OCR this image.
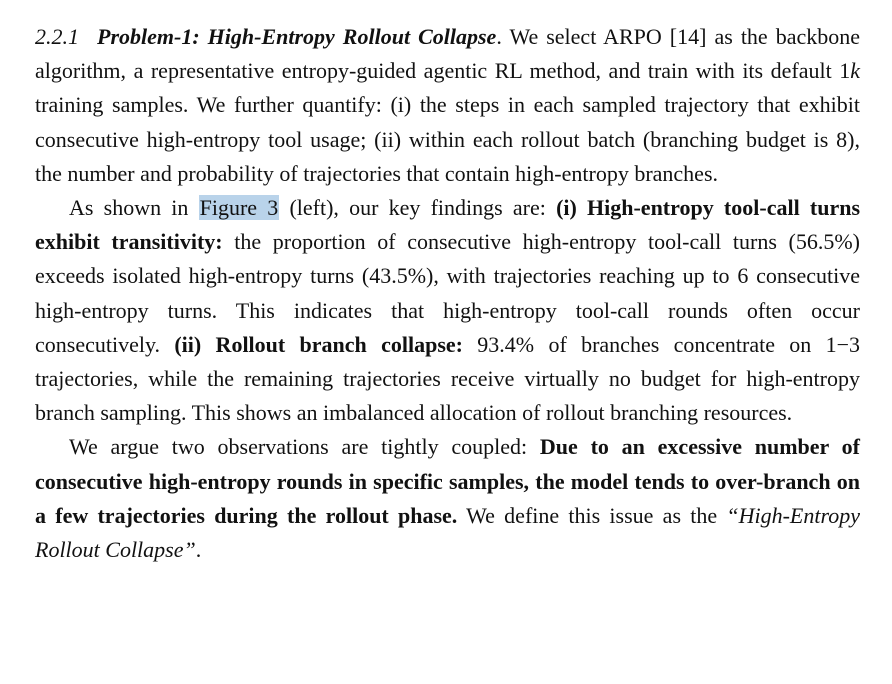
2.2.1 Problem-1: High-Entropy Rollout Collapse. We select ARPO [14] as the backbone algorithm, a representative entropy-guided agentic RL method, and train with its default 1k training samples. We further quantify: (i) the steps in each sampled trajectory that exhibit consecutive high-entropy tool usage; (ii) within each rollout batch (branching budget is 8), the number and probability of trajectories that contain high-entropy branches.

As shown in Figure 3 (left), our key findings are: (i) High-entropy tool-call turns exhibit transitivity: the proportion of consecutive high-entropy tool-call turns (56.5%) exceeds isolated high-entropy turns (43.5%), with trajectories reaching up to 6 consecutive high-entropy turns. This indicates that high-entropy tool-call rounds often occur consecutively. (ii) Rollout branch collapse: 93.4% of branches concentrate on 1−3 trajectories, while the remaining trajectories receive virtually no budget for high-entropy branch sampling. This shows an imbalanced allocation of rollout branching resources.

We argue two observations are tightly coupled: Due to an excessive number of consecutive high-entropy rounds in specific samples, the model tends to over-branch on a few trajectories during the rollout phase. We define this issue as the “High-Entropy Rollout Collapse”.
